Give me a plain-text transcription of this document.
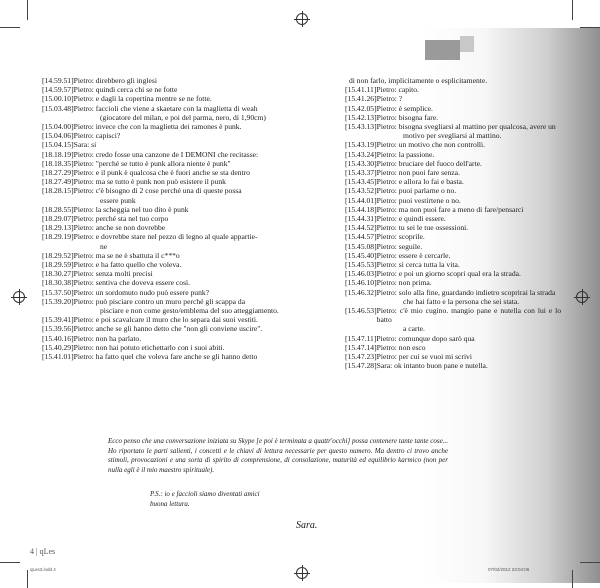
[14.59.51] Pietro: direbbero gli inglesi
[14.59.57] Pietro: quindi cerca chi se ne fotte
[15.00.10] Pietro: e dagli la copertina mentre se ne fotte.
[15.03.48] Pietro: faccioli che viene a skaetare con la maglietta di weah
(giocatore del milan, e poi del parma, nero, di 1,90cm)
[15.04.00] Pietro: invece che con la maglietta dei ramones è punk.
[15.04.06] Pietro: capisci?
[15.04.15] Sara: si
[18.18.19] Pietro: credo fosse una canzone de I DEMONI che recitasse:
[18.18.35] Pietro: "perché se tutto è punk allora niente è punk"
[18.27.29] Pietro: e il punk è qualcosa che è fuori anche se sta dentro
[18.27.49] Pietro: ma se tutto è punk non può esistere il punk
[18.28.15] Pietro: c'è bisogno di 2 cose perché una di queste possa
essere punk
[18.28.55] Pietro: la scheggia nel tuo dito è punk
[18.29.07] Pietro: perché sta nel tuo corpo
[18.29.13] Pietro: anche se non dovrebbe
[18.29.19] Pietro: e dovrebbe stare nel pezzo di legno al quale appartie-
ne
[18.29.52] Pietro: ma se ne è sbattuta il c***o
[18.29.59] Pietro: e ha fatto quello che voleva.
[18.30.27] Pietro: senza molti precisi
[18.30.38] Pietro: sentiva che doveva essere così.
[15.37.50] Pietro: un sordomuto nudo può essere punk?
[15.39.20] Pietro: può pisciare contro un muro perché gli scappa da
pisciare e non come gesto/emblema del suo atteggiamento.
[15.39.41] Pietro: e poi scavalcare il muro che lo separa dai suoi vestiti.
[15.39.56] Pietro: anche se gli hanno detto che "non gli conviene uscire".
[15.40.16] Pietro: non ha parlato.
[15.40.29] Pietro: non hai potuto etichettarlo con i suoi abiti.
[15.41.01] Pietro: ha fatto quel che voleva fare anche se gli hanno detto
di non farlo, implicitamente o esplicitamente.
[15.41.11] Pietro: capito.
[15.41.26] Pietro: ?
[15.42.05] Pietro: è semplice.
[15.42.13] Pietro: bisogna fare.
[15.43.13] Pietro: bisogna svegliarsi al mattino per qualcosa, avere un
motivo per svegliarsi al mattino.
[15.43.19] Pietro: un motivo che non controlli.
[15.43.24] Pietro: la passione.
[15.43.30] Pietro: bruciare del fuoco dell'arte.
[15.43.37] Pietro: non puoi fare senza.
[15.43.45] Pietro: e allora lo fai e basta.
[15.43.52] Pietro: puoi parlarne o no.
[15.44.01] Pietro: puoi vestirtene o no.
[15.44.18] Pietro: ma non puoi fare a meno di fare/pensarci
[15.44.31] Pietro: e quindi essere.
[15.44.52] Pietro: tu sei le tue ossessioni.
[15.44.57] Pietro: scoprile.
[15.45.08] Pietro: seguile.
[15.45.40] Pietro: essere è cercarle.
[15.45.53] Pietro: si cerca tutta la vita.
[15.46.03] Pietro: e poi un giorno scopri qual era la strada.
[15.46.10] Pietro: non prima.
[15.46.32] Pietro: solo alla fine, guardando indietro scoprirai la strada
che hai fatto e la persona che sei stata.
[15.46.53] Pietro: c'è mio cugino. mangio pane e nutella con lui e lo batto
a carte.
[15.47.11] Pietro: comunque dopo sarò qua
[15.47.14] Pietro: non esco
[15.47.23] Pietro: per cui se vuoi mi scrivi
[15.47.28] Sara: ok intanto buon pane e nutella.
Ecco penso che una conversazione iniziata su Skype [e poi è terminata a quattr'occhi] possa contenere tante tante cose... Ho riportato le parti salienti, i concetti e le chiavi di lettura necessarie per questo numero. Ma dentro ci trovo anche stimoli, provocazioni e una sorta di spirito di comprensione, di consolazione, maturità ed equilibrio karmico (non per nulla egli è il mio maestro spirituale).
P.S.: io e faccioli siamo diventati amici
buona lettura.
Sara.
4 | qLes
qLes3.indd 4	07/02/2012 23:04:06
